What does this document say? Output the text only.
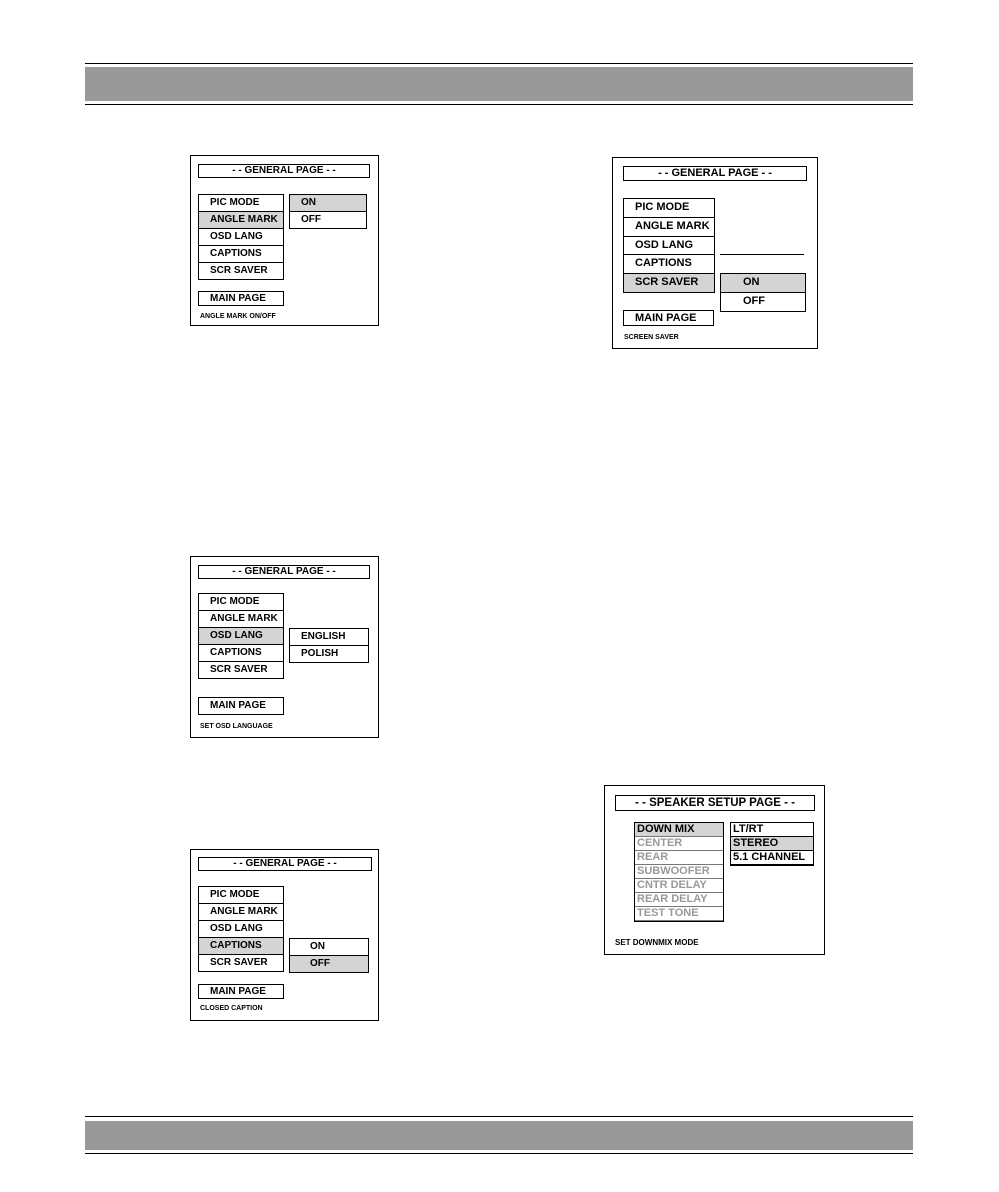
- - GENERAL PAGE - -
PIC MODE
ANGLE MARK
OSD LANG
CAPTIONS
SCR SAVER
ON
OFF
MAIN PAGE
ANGLE MARK ON/OFF
- - GENERAL PAGE - -
PIC MODE
ANGLE MARK
OSD LANG
CAPTIONS
SCR SAVER	ON
OFF
MAIN PAGE
SCREEN SAVER
- - GENERAL PAGE - -
PIC MODE
ANGLE MARK
OSD LANG
CAPTIONS
SCR SAVER
ENGLISH
POLISH
MAIN PAGE
SET OSD LANGUAGE
- - GENERAL PAGE - -
PIC MODE
ANGLE MARK
OSD LANG
CAPTIONS
SCR SAVER
ON
OFF
MAIN PAGE
CLOSED CAPTION
- - SPEAKER SETUP PAGE - -
DOWN MIX
CENTER
REAR
SUBWOOFER
CNTR DELAY
REAR DELAY
TEST TONE
LT/RT
STEREO
5.1 CHANNEL
SET DOWNMIX MODE
